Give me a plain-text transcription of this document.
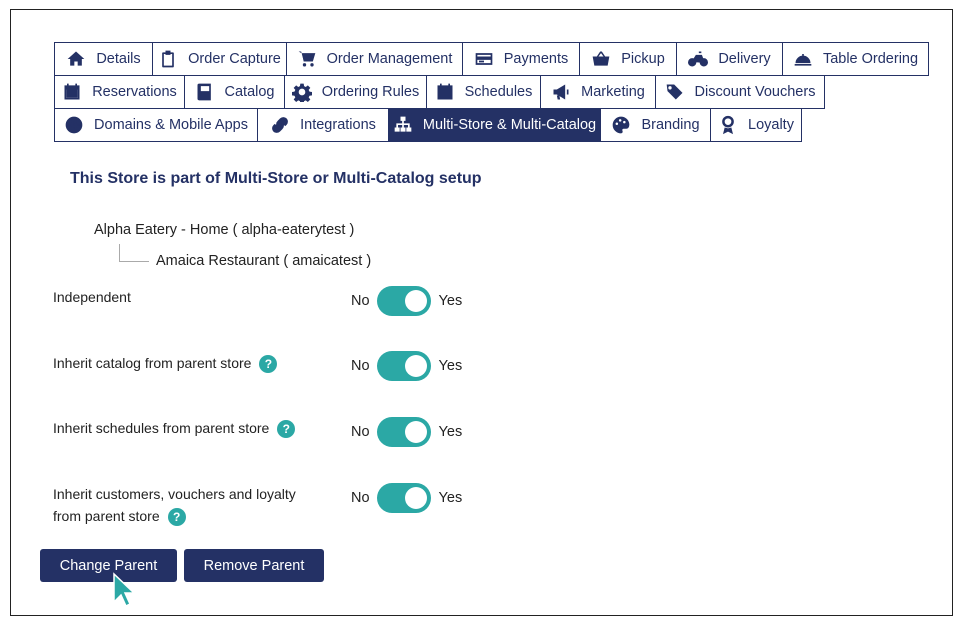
Details	Order Capture	Order Management	Payments	Pickup	Delivery	Table Ordering
Reservations	Catalog	Ordering Rules	Schedules	Marketing	Discount Vouchers
Domains & Mobile Apps	Integrations	Multi-Store & Multi-Catalog	Branding	Loyalty
This Store is part of Multi-Store or Multi-Catalog setup
Alpha Eatery - Home ( alpha-eaterytest )
Amaica Restaurant ( amaicatest )
Independent	No	Yes
Inherit catalog from parent store ?	No	Yes
Inherit schedules from parent store ?	No	Yes
Inherit customers, vouchers and loyalty
from parent store ?
No	Yes
Change Parent	Remove Parent
